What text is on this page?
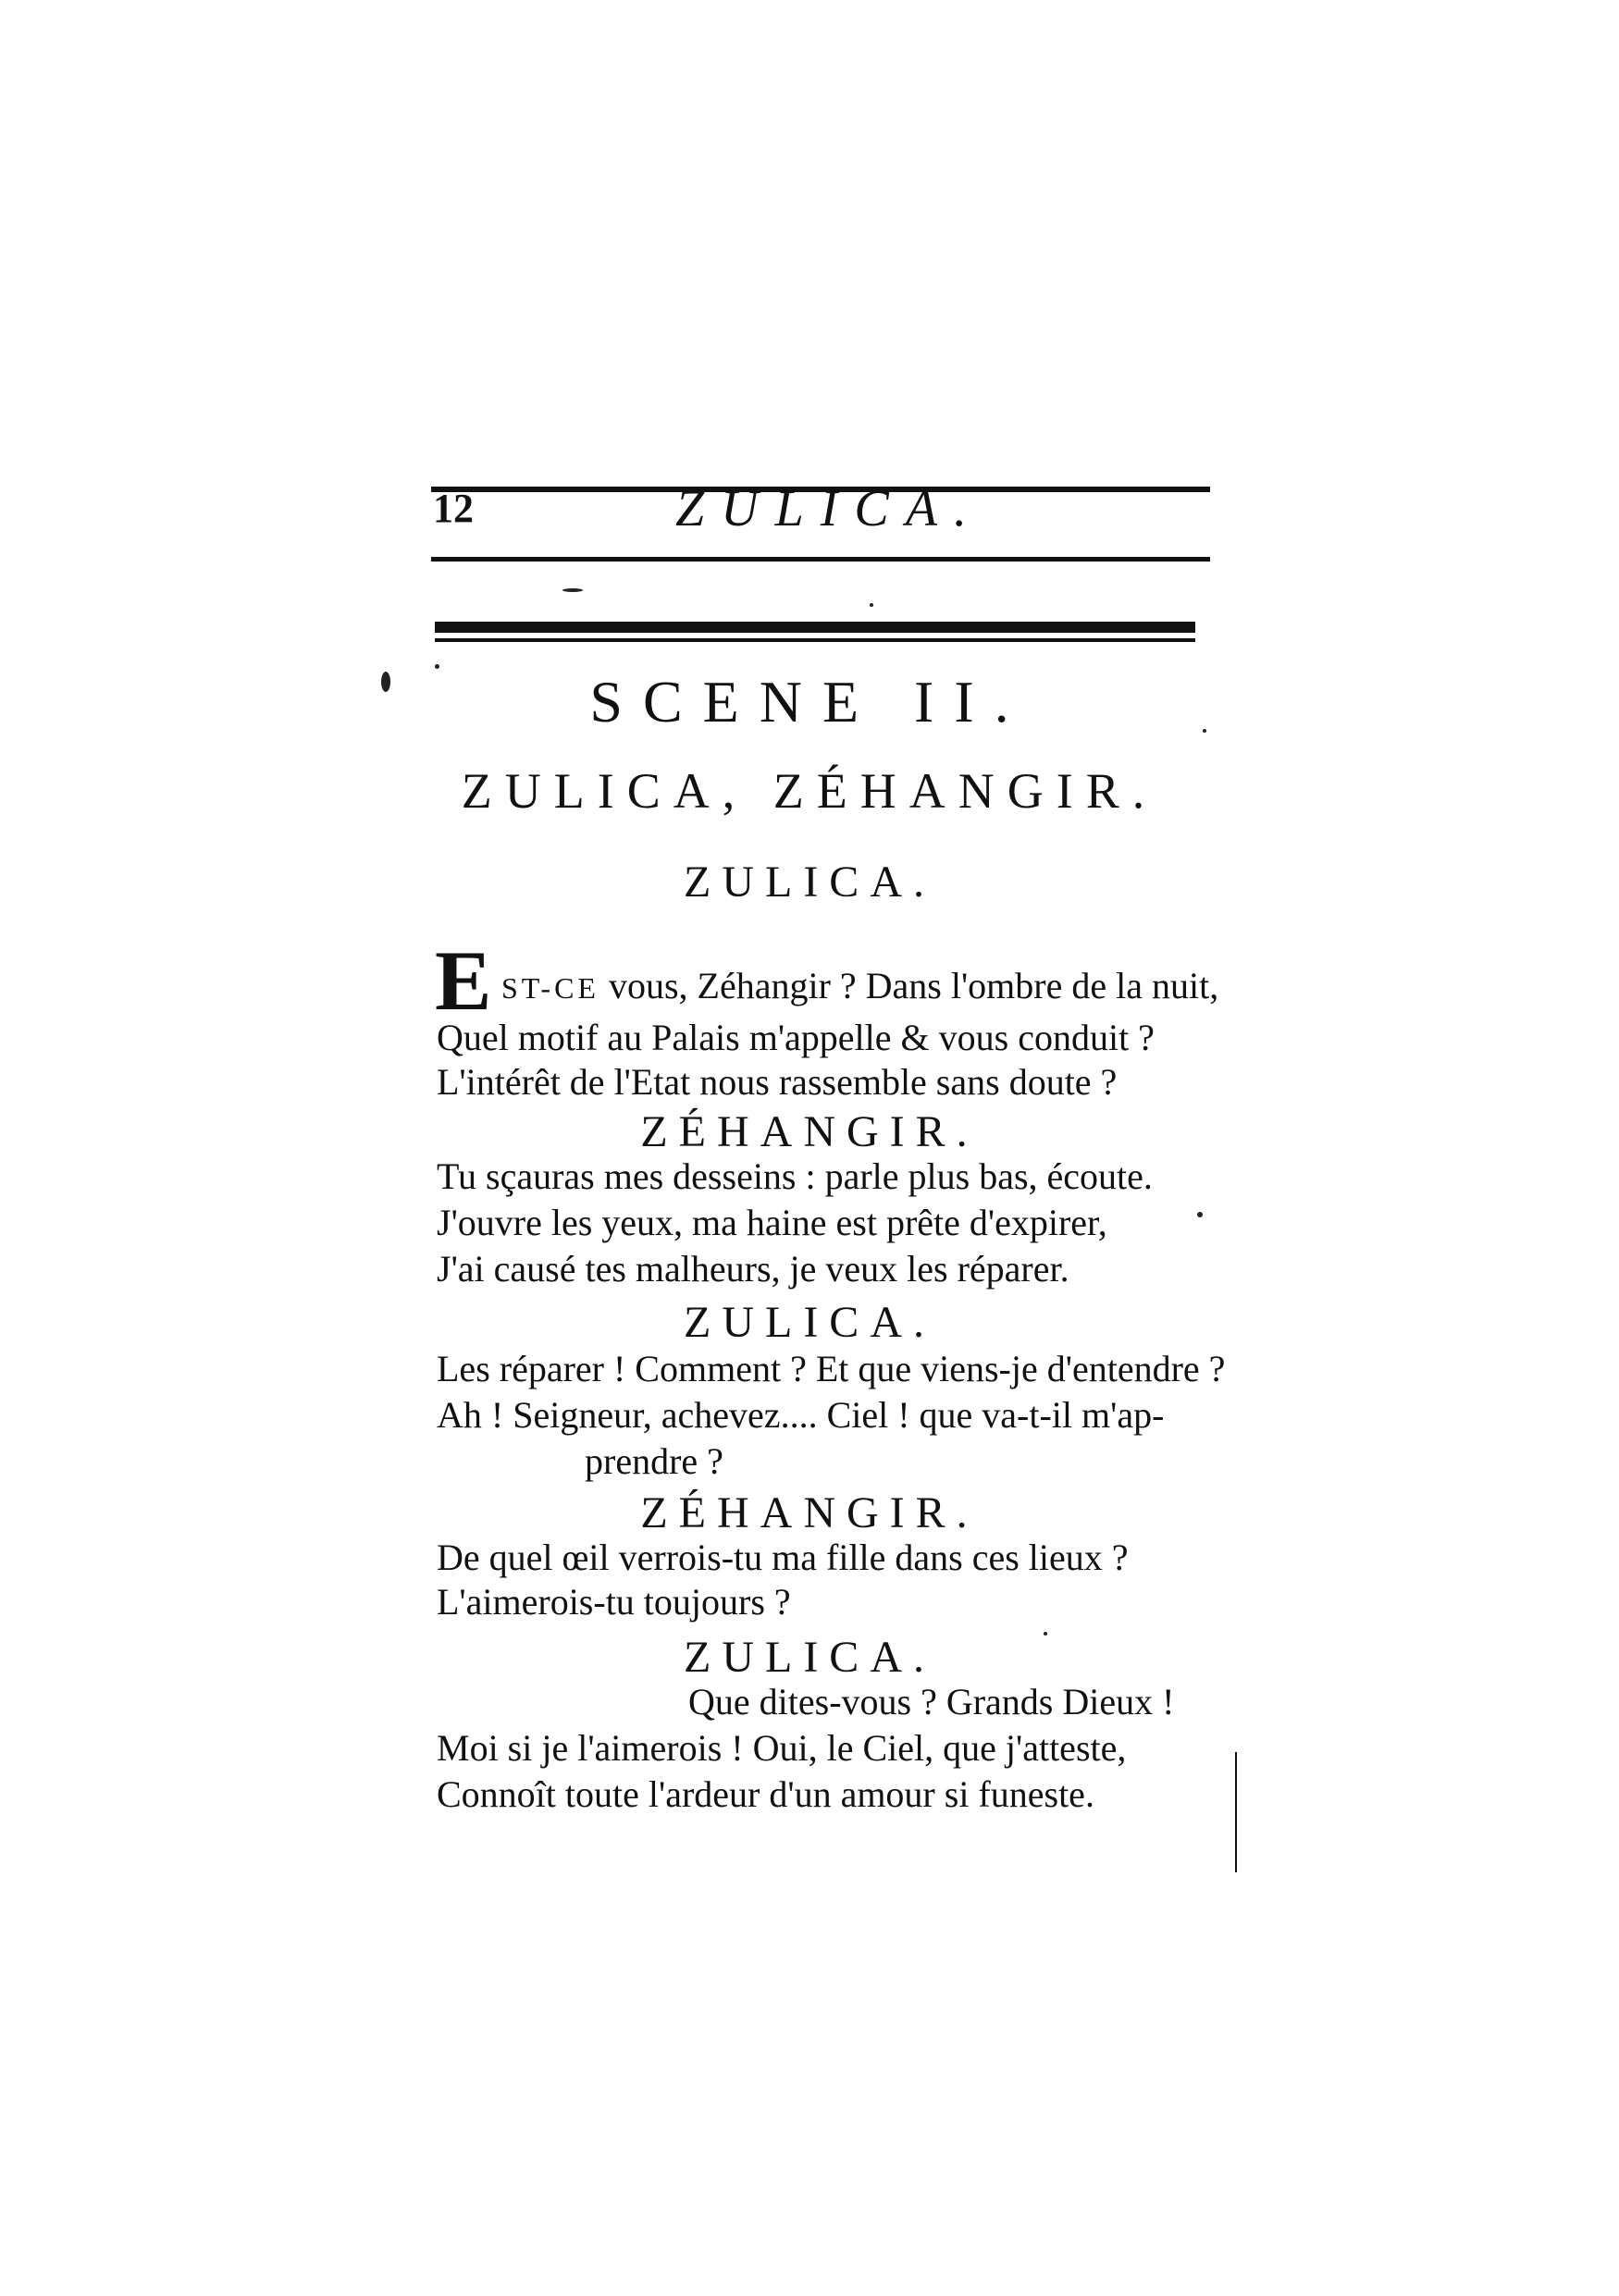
12	ZULICA.
SCENE II.
ZULICA, ZÉHANGIR.
ZULICA.
E ST-CE vous, Zéhangir ? Dans l'ombre de la nuit,
Quel motif au Palais m'appelle & vous conduit ?
L'intérêt de l'Etat nous rassemble sans doute ?
ZÉHANGIR.
Tu sçauras mes desseins : parle plus bas, écoute.
J'ouvre les yeux, ma haine est prête d'expirer,
J'ai causé tes malheurs, je veux les réparer.
ZULICA.
Les réparer ! Comment ? Et que viens-je d'entendre ?
Ah ! Seigneur, achevez.... Ciel ! que va-t-il m'ap-
prendre ?
ZÉHANGIR.
De quel œil verrois-tu ma fille dans ces lieux ?
L'aimerois-tu toujours ?
ZULICA.
Que dites-vous ? Grands Dieux !
Moi si je l'aimerois ! Oui, le Ciel, que j'atteste,
Connoît toute l'ardeur d'un amour si funeste.
